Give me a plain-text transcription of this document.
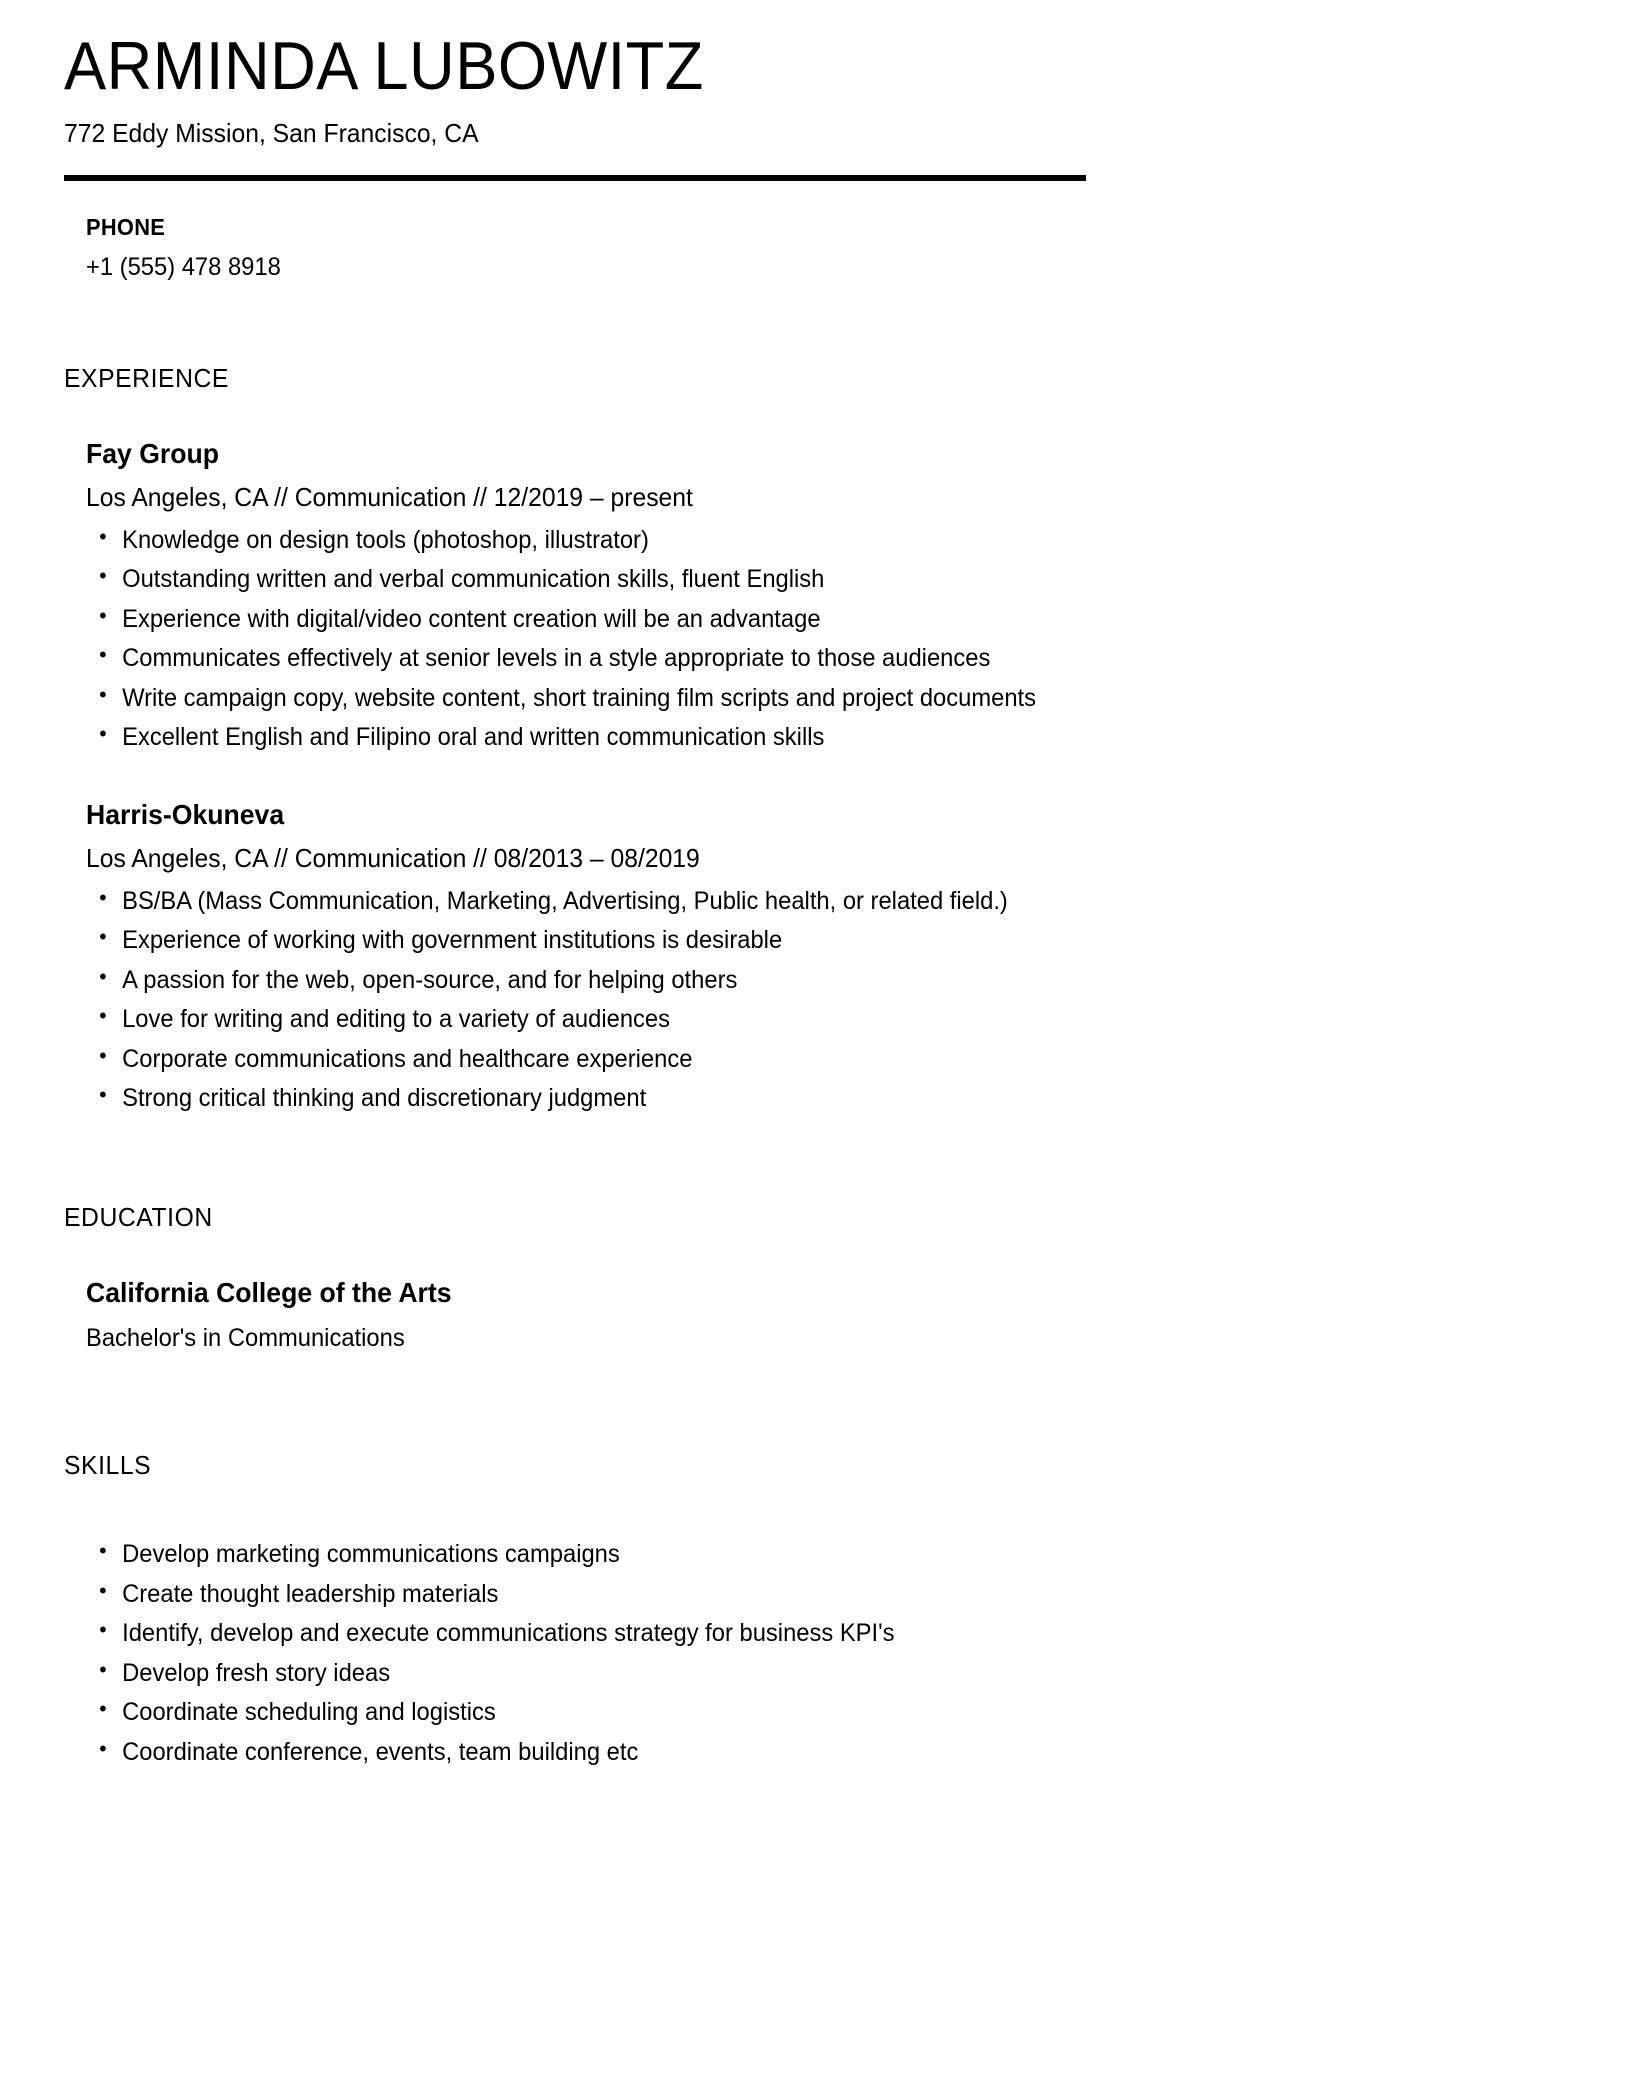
ARMINDA LUBOWITZ
772 Eddy Mission, San Francisco, CA
PHONE
+1 (555) 478 8918
EXPERIENCE
Fay Group
Los Angeles, CA // Communication // 12/2019 – present
• Knowledge on design tools (photoshop, illustrator)
• Outstanding written and verbal communication skills, fluent English
• Experience with digital/video content creation will be an advantage
• Communicates effectively at senior levels in a style appropriate to those audiences
• Write campaign copy, website content, short training film scripts and project documents
• Excellent English and Filipino oral and written communication skills
Harris-Okuneva
Los Angeles, CA // Communication // 08/2013 – 08/2019
• BS/BA (Mass Communication, Marketing, Advertising, Public health, or related field.)
• Experience of working with government institutions is desirable
• A passion for the web, open-source, and for helping others
• Love for writing and editing to a variety of audiences
• Corporate communications and healthcare experience
• Strong critical thinking and discretionary judgment
EDUCATION
California College of the Arts
Bachelor's in Communications
SKILLS
• Develop marketing communications campaigns
• Create thought leadership materials
• Identify, develop and execute communications strategy for business KPI's
• Develop fresh story ideas
• Coordinate scheduling and logistics
• Coordinate conference, events, team building etc
